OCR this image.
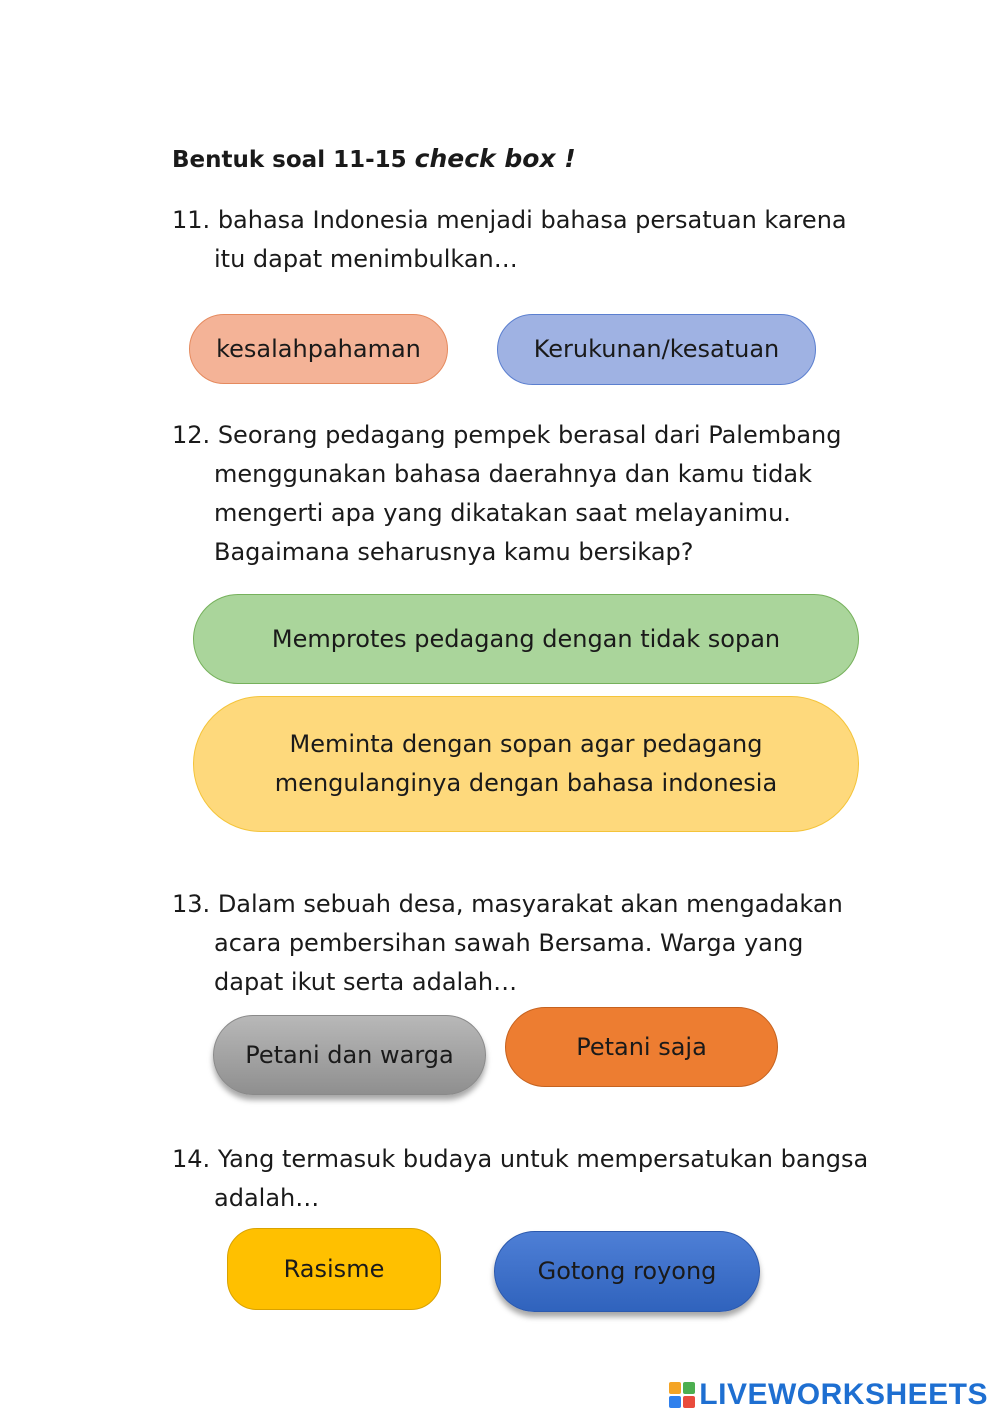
Bentuk soal 11-15 check box !
11. bahasa Indonesia menjadi bahasa persatuan karena
itu dapat menimbulkan…
kesalahpahaman	Kerukunan/kesatuan
12. Seorang pedagang pempek berasal dari Palembang
menggunakan bahasa daerahnya dan kamu tidak
mengerti apa yang dikatakan saat melayanimu.
Bagaimana seharusnya kamu bersikap?
Memprotes pedagang dengan tidak sopan
Meminta dengan sopan agar pedagang
mengulanginya dengan bahasa indonesia
13. Dalam sebuah desa, masyarakat akan mengadakan
acara pembersihan sawah Bersama. Warga yang
dapat ikut serta adalah…
Petani dan warga	Petani saja
14. Yang termasuk budaya untuk mempersatukan bangsa
adalah…
Rasisme	Gotong royong
LIVEWORKSHEETS
